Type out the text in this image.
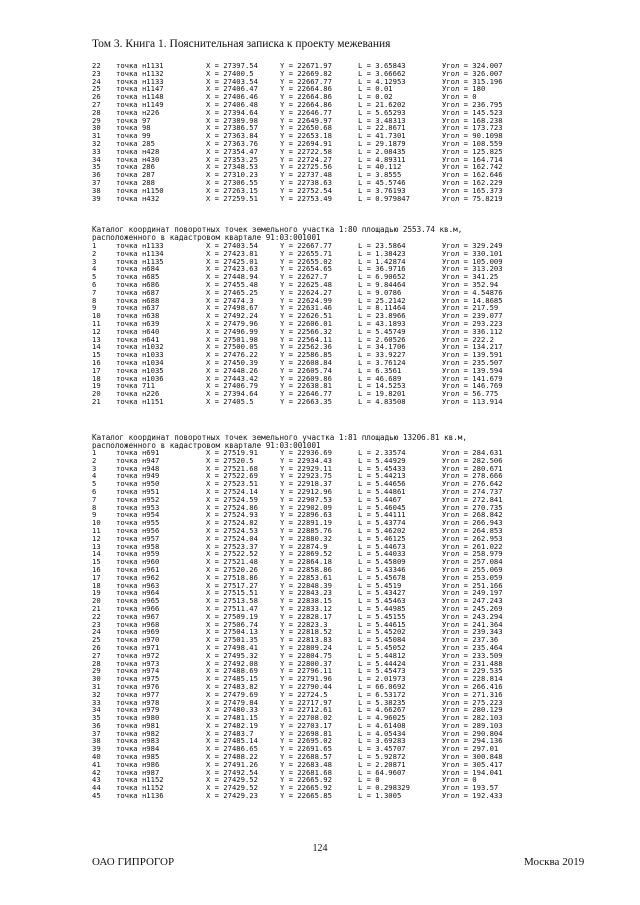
Том 3. Книга 1. Пояснительная записка к проекту межевания
22 точка н1131	X = 27397.54	Y = 22671.97	L = 3.65843	Угол = 324.007
23 точка н1132	X = 27400.5	Y = 22669.82	L = 3.66662	Угол = 326.007
24 точка н1133	X = 27403.54	Y = 22667.77	L = 4.12953	Угол = 315.196
25 точка н1147	X = 27406.47	Y = 22664.86	L = 0.01	Угол = 180
26 точка н1148	X = 27406.46	Y = 22664.86	L = 0.02	Угол = 0
27 точка н1149	X = 27406.48	Y = 22664.86	L = 21.6202	Угол = 236.795
28 точка н226	X = 27394.64	Y = 22646.77	L = 5.65293	Угол = 145.523
29 точка 97	X = 27389.98	Y = 22649.97	L = 3.48313	Угол = 168.238
30 точка 98	X = 27386.57	Y = 22650.68	L = 22.8671	Угол = 173.723
31 точка 99	X = 27363.84	Y = 22653.18	L = 41.7301	Угол = 90.1098
32 точка 285	X = 27363.76	Y = 22694.91	L = 29.1879	Угол = 108.559
33 точка н428	X = 27354.47	Y = 22722.58	L = 2.08435	Угол = 125.825
34 точка н430	X = 27353.25	Y = 22724.27	L = 4.89311	Угол = 164.714
35 точка 286	X = 27348.53	Y = 22725.56	L = 40.112	Угол = 162.742
36 точка 287	X = 27310.23	Y = 22737.48	L = 3.8555	Угол = 162.646
37 точка 288	X = 27306.55	Y = 22738.63	L = 45.5746	Угол = 162.229
38 точка н1150	X = 27263.15	Y = 22752.54	L = 3.76193	Угол = 165.373
39 точка н432	X = 27259.51	Y = 22753.49	L = 0.979847	Угол = 75.8219
Каталог координат поворотных точек земельного участка 1:80 площадью 2553.74 кв.м,
расположенного в кадастровом квартале 91:03:001001
1	точка н1133	X = 27403.54	Y = 22667.77	L = 23.5864	Угол = 329.249
2	точка н1134	X = 27423.81	Y = 22655.71	L = 1.38423	Угол = 330.101
3	точка н1135	X = 27425.01	Y = 22655.02	L = 1.42874	Угол = 105.009
4	точка н684	X = 27423.63	Y = 22654.65	L = 36.9716	Угол = 313.203
5	точка н685	X = 27448.94	Y = 22627.7	L = 6.90652	Угол = 341.25
6	точка н686	X = 27455.48	Y = 22625.48	L = 9.84464	Угол = 352.94
7	точка н687	X = 27465.25	Y = 22624.27	L = 9.0786	Угол = 4.54876
8	точка н688	X = 27474.3	Y = 22624.99	L = 25.2142	Угол = 14.8685
9	точка н637	X = 27498.67	Y = 22631.46	L = 8.11464	Угол = 217.59
10 точка н638	X = 27492.24	Y = 22626.51	L = 23.8966	Угол = 239.077
11 точка н639	X = 27479.96	Y = 22606.01	L = 43.1893	Угол = 293.223
12 точка н640	X = 27496.99	Y = 22566.32	L = 5.45749	Угол = 336.112
13 точка н641	X = 27501.98	Y = 22564.11	L = 2.60526	Угол = 222.2
14 точка н1032	X = 27500.05	Y = 22562.36	L = 34.1706	Угол = 134.217
15 точка н1033	X = 27476.22	Y = 22586.85	L = 33.9227	Угол = 139.591
16 точка н1034	X = 27450.39	Y = 22608.84	L = 3.76124	Угол = 235.507
17 точка н1035	X = 27448.26	Y = 22605.74	L = 6.3561	Угол = 139.594
18 точка н1036	X = 27443.42	Y = 22609.86	L = 46.689	Угол = 141.679
19 точка 711	X = 27406.79	Y = 22638.81	L = 14.5253	Угол = 146.769
20 точка н226	X = 27394.64	Y = 22646.77	L = 19.8201	Угол = 56.775
21 точка н1151	X = 27405.5	Y = 22663.35	L = 4.83508	Угол = 113.914
Каталог координат поворотных точек земельного участка 1:81 площадью 13206.81 кв.м,
расположенного в кадастровом квартале 91:03:001001
1	точка н691	X = 27519.91	Y = 22936.69	L = 2.33574	Угол = 284.631
2	точка н947	X = 27520.5	Y = 22934.43	L = 5.44929	Угол = 282.506
3	точка н948	X = 27521.68	Y = 22929.11	L = 5.45433	Угол = 280.671
4	точка н949	X = 27522.69	Y = 22923.75	L = 5.44213	Угол = 278.666
5	точка н950	X = 27523.51	Y = 22918.37	L = 5.44656	Угол = 276.642
6	точка н951	X = 27524.14	Y = 22912.96	L = 5.44861	Угол = 274.737
7	точка н952	X = 27524.59	Y = 22907.53	L = 5.4467	Угол = 272.841
8	точка н953	X = 27524.86	Y = 22902.09	L = 5.46045	Угол = 270.735
9	точка н954	X = 27524.93	Y = 22896.63	L = 5.44111	Угол = 268.842
10 точка н955	X = 27524.82	Y = 22891.19	L = 5.43774	Угол = 266.943
11 точка н956	X = 27524.53	Y = 22885.76	L = 5.46202	Угол = 264.853
12 точка н957	X = 27524.04	Y = 22880.32	L = 5.46125	Угол = 262.953
13 точка н958	X = 27523.37	Y = 22874.9	L = 5.44673	Угол = 261.022
14 точка н959	X = 27522.52	Y = 22869.52	L = 5.44033	Угол = 258.979
15 точка н960	X = 27521.48	Y = 22864.18	L = 5.45809	Угол = 257.084
16 точка н961	X = 27520.26	Y = 22858.86	L = 5.43346	Угол = 255.069
17 точка н962	X = 27518.86	Y = 22853.61	L = 5.45678	Угол = 253.059
18 точка н963	X = 27517.27	Y = 22848.39	L = 5.4519	Угол = 251.166
19 точка н964	X = 27515.51	Y = 22843.23	L = 5.43427	Угол = 249.197
20 точка н965	X = 27513.58	Y = 22838.15	L = 5.45463	Угол = 247.243
21 точка н966	X = 27511.47	Y = 22833.12	L = 5.44985	Угол = 245.269
22 точка н967	X = 27509.19	Y = 22828.17	L = 5.45155	Угол = 243.294
23 точка н968	X = 27506.74	Y = 22823.3	L = 5.44615	Угол = 241.364
24 точка н969	X = 27504.13	Y = 22818.52	L = 5.45202	Угол = 239.343
25 точка н970	X = 27501.35	Y = 22813.83	L = 5.45084	Угол = 237.36
26 точка н971	X = 27498.41	Y = 22809.24	L = 5.45052	Угол = 235.464
27 точка н972	X = 27495.32	Y = 22804.75	L = 5.44812	Угол = 233.509
28 точка н973	X = 27492.08	Y = 22800.37	L = 5.44424	Угол = 231.488
29 точка н974	X = 27488.69	Y = 22796.11	L = 5.45473	Угол = 229.535
30 точка н975	X = 27485.15	Y = 22791.96	L = 2.01973	Угол = 228.814
31 точка н976	X = 27483.82	Y = 22790.44	L = 66.0692	Угол = 266.416
32 точка н977	X = 27479.69	Y = 22724.5	L = 6.53172	Угол = 271.316
33 точка н978	X = 27479.84	Y = 22717.97	L = 5.38235	Угол = 275.223
34 точка н979	X = 27480.33	Y = 22712.61	L = 4.66267	Угол = 280.129
35 точка н980	X = 27481.15	Y = 22708.02	L = 4.96025	Угол = 282.103
36 точка н981	X = 27482.19	Y = 22703.17	L = 4.61408	Угол = 289.103
37 точка н982	X = 27483.7	Y = 22698.81	L = 4.05434	Угол = 290.804
38 точка н983	X = 27485.14	Y = 22695.02	L = 3.69283	Угол = 294.136
39 точка н984	X = 27486.65	Y = 22691.65	L = 3.45707	Угол = 297.01
40 точка н985	X = 27488.22	Y = 22688.57	L = 5.92872	Угол = 300.848
41 точка н986	X = 27491.26	Y = 22683.48	L = 2.20871	Угол = 305.417
42 точка н987	X = 27492.54	Y = 22681.68	L = 64.9607	Угол = 194.041
43 точка н1152	X = 27429.52	Y = 22665.92	L = 0	Угол = 0
44 точка н1152	X = 27429.52	Y = 22665.92	L = 0.298329	Угол = 193.57
45 точка н1136	X = 27429.23	Y = 22665.85	L = 1.3005	Угол = 192.433
124
ОАО ГИПРОГОР	Москва 2019
